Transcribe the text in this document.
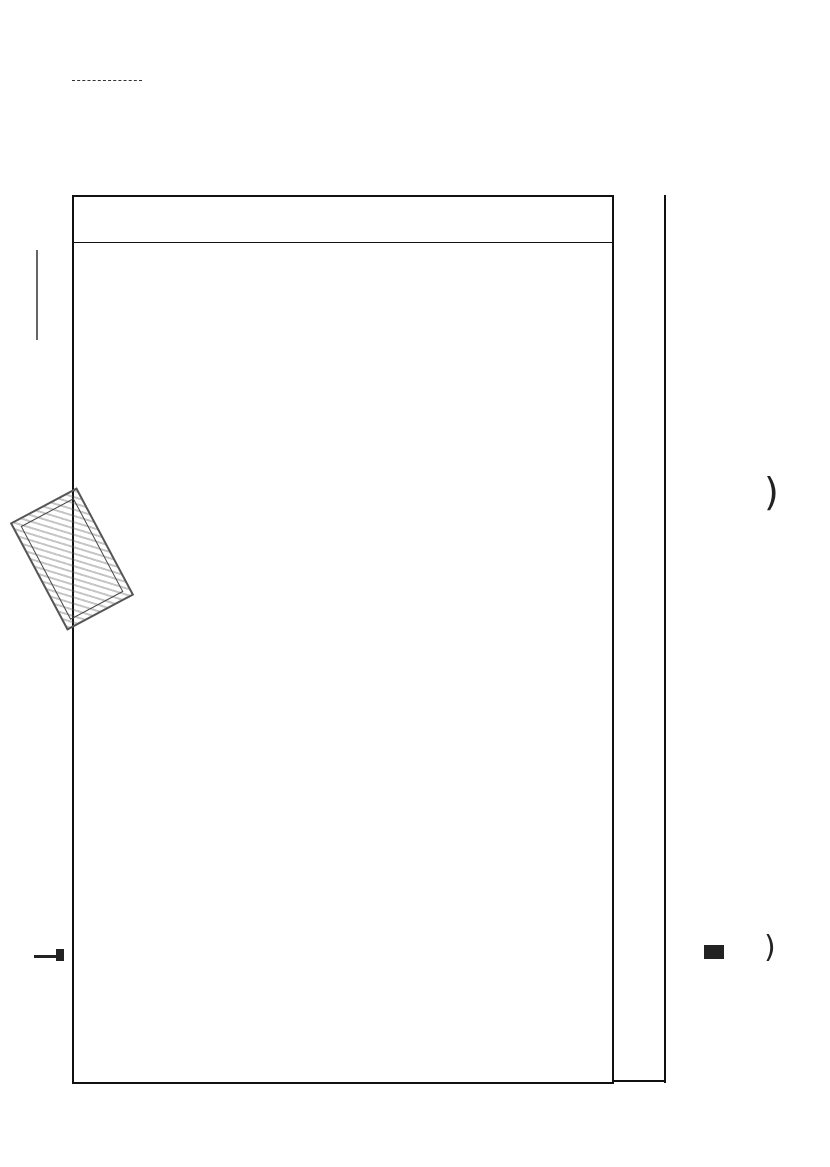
)
)
